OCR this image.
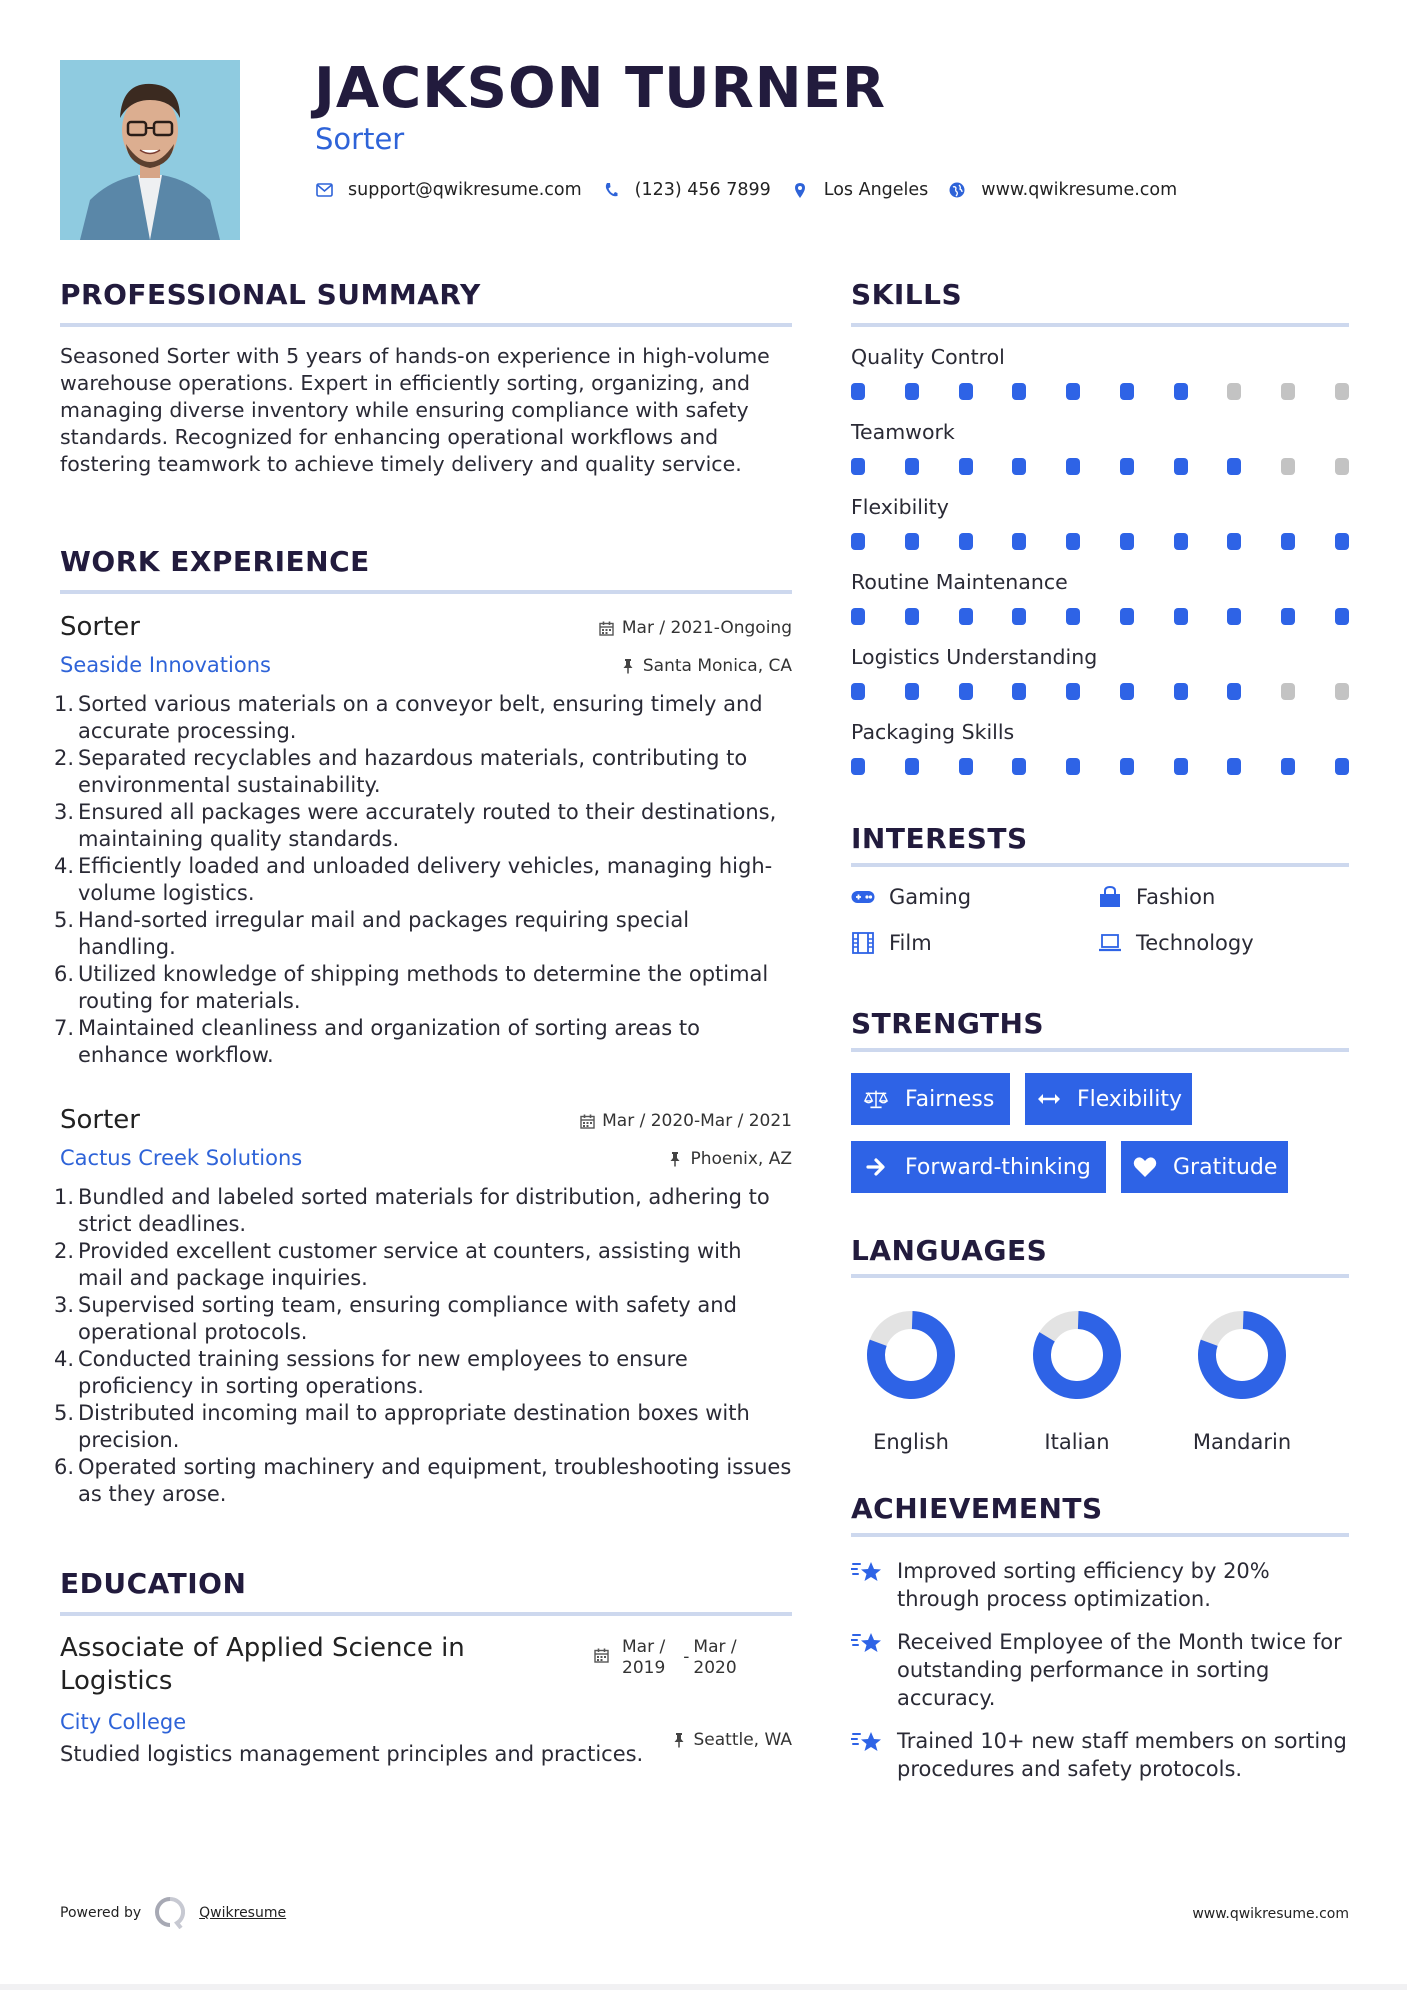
JACKSON TURNER
Sorter
support@qwikresume.com	(123) 456 7899	Los Angeles	www.qwikresume.com
PROFESSIONAL SUMMARY
Seasoned Sorter with 5 years of hands-on experience in high-volume warehouse operations. Expert in efficiently sorting, organizing, and managing diverse inventory while ensuring compliance with safety standards. Recognized for enhancing operational workflows and fostering teamwork to achieve timely delivery and quality service.
WORK EXPERIENCE
Sorter
Seaside Innovations
Mar / 2021-Ongoing
Santa Monica, CA
1. Sorted various materials on a conveyor belt, ensuring timely and accurate processing.
2. Separated recyclables and hazardous materials, contributing to environmental sustainability.
3. Ensured all packages were accurately routed to their destinations, maintaining quality standards.
4. Efficiently loaded and unloaded delivery vehicles, managing high-volume logistics.
5. Hand-sorted irregular mail and packages requiring special handling.
6. Utilized knowledge of shipping methods to determine the optimal routing for materials.
7. Maintained cleanliness and organization of sorting areas to enhance workflow.
Sorter
Cactus Creek Solutions
Mar / 2020-Mar / 2021
Phoenix, AZ
1. Bundled and labeled sorted materials for distribution, adhering to strict deadlines.
2. Provided excellent customer service at counters, assisting with mail and package inquiries.
3. Supervised sorting team, ensuring compliance with safety and operational protocols.
4. Conducted training sessions for new employees to ensure proficiency in sorting operations.
5. Distributed incoming mail to appropriate destination boxes with precision.
6. Operated sorting machinery and equipment, troubleshooting issues as they arose.
EDUCATION
Associate of Applied Science in Logistics
Mar /
2019
- Mar /
2020
City College
Seattle, WA
Studied logistics management principles and practices.
SKILLS
Quality Control
Teamwork
Flexibility
Routine Maintenance
Logistics Understanding
Packaging Skills
INTERESTS
Gaming	Fashion
Film	Technology
STRENGTHS
Fairness	Flexibility
Forward-thinking	Gratitude
LANGUAGES
English	Italian	Mandarin
ACHIEVEMENTS
Improved sorting efficiency by 20% through process optimization.
Received Employee of the Month twice for outstanding performance in sorting accuracy.
Trained 10+ new staff members on sorting procedures and safety protocols.
Powered by	Qwikresume	www.qwikresume.com
